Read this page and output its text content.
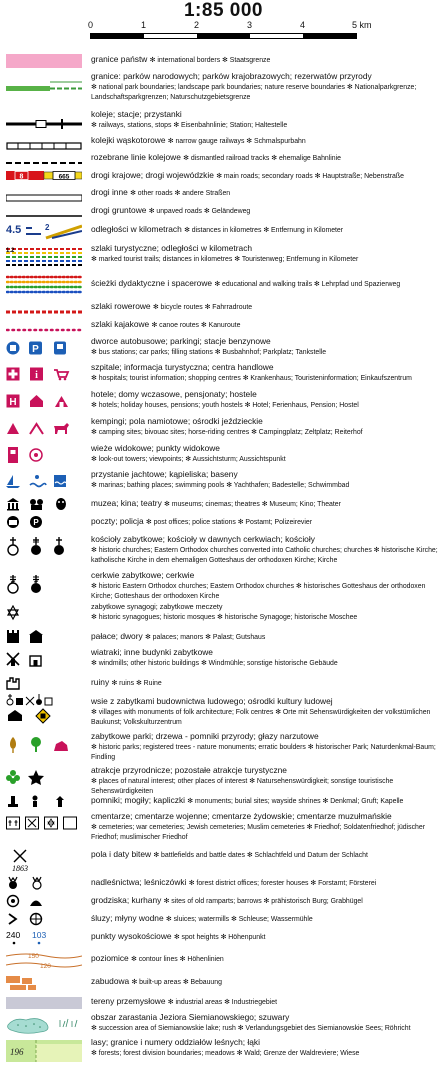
1:85 000
0	1	2	3	4	5 km
granice państw ✻ international borders ✻ Staatsgrenze
granice: parków narodowych; parków krajobrazowych; rezerwatów przyrody
✻ national park boundaries; landscape park boundaries; nature reserve boundaries ✻ Nationalparkgrenze; Landschaftsparkgrenzen; Naturschutzgebietsgrenze
koleje; stacje; przystanki
✻ railways, stations, stops ✻ Eisenbahnlinie; Station; Haltestelle
kolejki wąskotorowe ✻ narrow gauge railways ✻ Schmalspurbahn
rozebrane linie kolejowe ✻ dismantled railroad tracks ✻ ehemalige Bahnlinie
8	665	drogi krajowe; drogi wojewódzkie ✻ main roads; secondary roads ✻ Hauptstraße; Nebenstraße
drogi inne ✻ other roads ✻ andere Straßen
drogi gruntowe ✻ unpaved roads ✻ Geländeweg
4.5	2	odległości w kilometrach ✻ distances in kilometres ✻ Entfernung in Kilometer
1.2	szlaki turystyczne; odległości w kilometrach
✻ marked tourist trails; distances in kilometres ✻ Touristenweg; Entfernung in Kilometer
ścieżki dydaktyczne i spacerowe ✻ educational and walking trails ✻ Lehrpfad und Spazierweg
szlaki rowerowe ✻ bicycle routes ✻ Fahrradroute
szlaki kajakowe ✻ canoe routes ✻ Kanuroute
P
dworce autobusowe; parkingi; stacje benzynowe
✻ bus stations; car parks; filling stations ✻ Busbahnhof; Parkplatz; Tankstelle
i
szpitale; informacja turystyczna; centra handlowe
✻ hospitals; tourist information; shopping centres ✻ Krankenhaus; Touristeninformation; Einkaufszentrum
H
hotele; domy wczasowe, pensjonaty; hostele
✻ hotels; holiday houses, pensions; youth hostels ✻ Hotel; Ferienhaus, Pension; Hostel
kempingi; pola namiotowe; ośrodki jeździeckie
✻ camping sites; bivouac sites; horse-riding centres ✻ Campingplatz; Zeltplatz; Reiterhof
wieże widokowe; punkty widokowe
✻ look-out towers; viewpoints; ✻ Aussichtsturm; Aussichtspunkt
przystanie jachtowe; kąpieliska; baseny
✻ marinas; bathing places; swimming pools ✻ Yachthafen; Badestelle; Schwimmbad
muzea; kina; teatry ✻ museums; cinemas; theatres ✻ Museum; Kino; Theater
P	poczty; policja ✻ post offices; police stations ✻ Postamt; Polizeirevier
kościoły zabytkowe; kościoły w dawnych cerkwiach; kościoły
✻ historic churches; Eastern Orthodox churches converted into Catholic churches; churches ✻ historische Kirche; katholische Kirche in dem ehemaligen Gotteshaus der orthodoxen Kirche; Kirche
cerkwie zabytkowe; cerkwie
✻ historic Eastern Orthodox churches; Eastern Orthodox churches ✻ historisches Gotteshaus der orthodoxen Kirche; Gotteshaus der orthodoxen Kirche
zabytkowe synagogi; zabytkowe meczety
✻ historic synagogues; historic mosques ✻ historische Synagoge; historische Moschee
pałace; dwory ✻ palaces; manors ✻ Palast; Gutshaus
wiatraki; inne budynki zabytkowe
✻ windmills; other historic buildings ✻ Windmühle; sonstige historische Gebäude
ruiny ✻ ruins ✻ Ruine
wsie z zabytkami budownictwa ludowego; ośrodki kultury ludowej
✻ villages with monuments of folk architecture; Folk centres ✻ Orte mit Sehenswürdigkeiten der volkstümlichen Baukunst; Volkskulturzentrum
zabytkowe parki; drzewa - pomniki przyrody; głazy narzutowe
✻ historic parks; registered trees - nature monuments; erratic boulders ✻ historischer Park; Naturdenkmal-Baum; Findling
atrakcje przyrodnicze; pozostałe atrakcje turystyczne
✻ places of natural interest; other places of interest ✻ Natursehenswürdigkeit; sonstige touristische Sehenswürdigkeiten
pomniki; mogiły; kapliczki ✻ monuments; burial sites; wayside shrines ✻ Denkmal; Gruft; Kapelle
cmentarze; cmentarze wojenne; cmentarze żydowskie; cmentarze muzułmańskie
✻ cemeteries; war cemeteries; Jewish cemeteries; Muslim cemeteries ✻ Friedhof; Soldatenfriedhof; jüdischer Friedhof; muslimischer Friedhof
1863
pola i daty bitew ✻ battlefields and battle dates ✻ Schlachtfeld und Datum der Schlacht
nadleśnictwa; leśniczówki ✻ forest district offices; forester houses ✻ Forstamt; Försterei
grodziska; kurhany ✻ sites of old ramparts; barrows ✻ prähistorisch Burg; Grabhügel
śluzy; młyny wodne ✻ sluices; watermills ✻ Schleuse; Wassermühle
240 103	punkty wysokościowe ✻ spot heights ✻ Höhenpunkt
150
120
poziomice ✻ contour lines ✻ Höhenlinien
zabudowa ✻ built-up areas ✻ Bebauung
tereny przemysłowe ✻ industrial areas ✻ Industriegebiet
obszar zarastania Jeziora Siemianowskiego; szuwary
✻ succession area of Siemianowskie lake; rush ✻ Verlandungsgebiet des Siemianowskie Sees; Röhricht
196
lasy; granice i numery oddziałów leśnych; łąki
✻ forests; forest division boundaries; meadows ✻ Wald; Grenze der Waldreviere; Wiese
